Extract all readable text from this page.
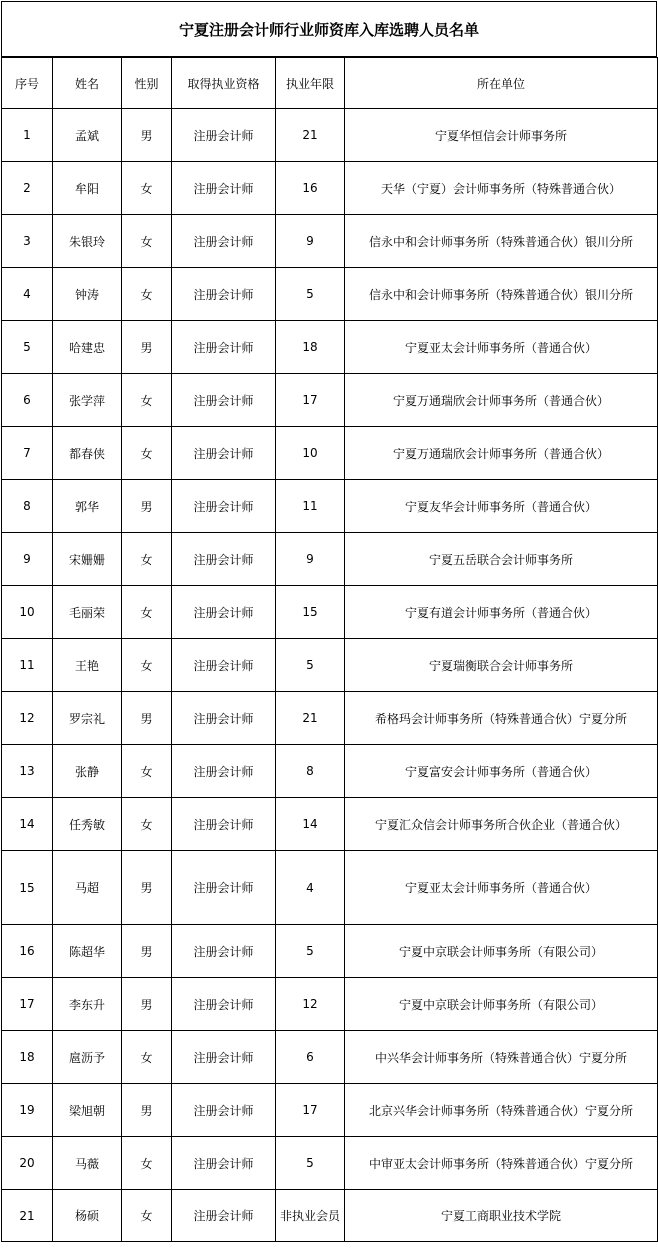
宁夏注册会计师行业师资库入库选聘人员名单
序号	姓名	性别	取得执业资格	执业年限	所在单位
1	孟斌	男	注册会计师	21	宁夏华恒信会计师事务所
2	牟阳	女	注册会计师	16	天华（宁夏）会计师事务所（特殊普通合伙）
3	朱银玲	女	注册会计师	9	信永中和会计师事务所（特殊普通合伙）银川分所
4	钟涛	女	注册会计师	5	信永中和会计师事务所（特殊普通合伙）银川分所
5	哈建忠	男	注册会计师	18	宁夏亚太会计师事务所（普通合伙）
6	张学萍	女	注册会计师	17	宁夏万通瑞欣会计师事务所（普通合伙）
7	都春侠	女	注册会计师	10	宁夏万通瑞欣会计师事务所（普通合伙）
8	郭华	男	注册会计师	11	宁夏友华会计师事务所（普通合伙）
9	宋姗姗	女	注册会计师	9	宁夏五岳联合会计师事务所
10	毛丽荣	女	注册会计师	15	宁夏有道会计师事务所（普通合伙）
11	王艳	女	注册会计师	5	宁夏瑞衡联合会计师事务所
12	罗宗礼	男	注册会计师	21	希格玛会计师事务所（特殊普通合伙）宁夏分所
13	张静	女	注册会计师	8	宁夏富安会计师事务所（普通合伙）
14	任秀敏	女	注册会计师	14	宁夏汇众信会计师事务所合伙企业（普通合伙）
15	马超	男	注册会计师	4	宁夏亚太会计师事务所（普通合伙）
16	陈超华	男	注册会计师	5	宁夏中京联会计师事务所（有限公司）
17	李东升	男	注册会计师	12	宁夏中京联会计师事务所（有限公司）
18	扈沥予	女	注册会计师	6	中兴华会计师事务所（特殊普通合伙）宁夏分所
19	梁旭朝	男	注册会计师	17	北京兴华会计师事务所（特殊普通合伙）宁夏分所
20	马薇	女	注册会计师	5	中审亚太会计师事务所（特殊普通合伙）宁夏分所
21	杨硕	女	注册会计师	非执业会员	宁夏工商职业技术学院
